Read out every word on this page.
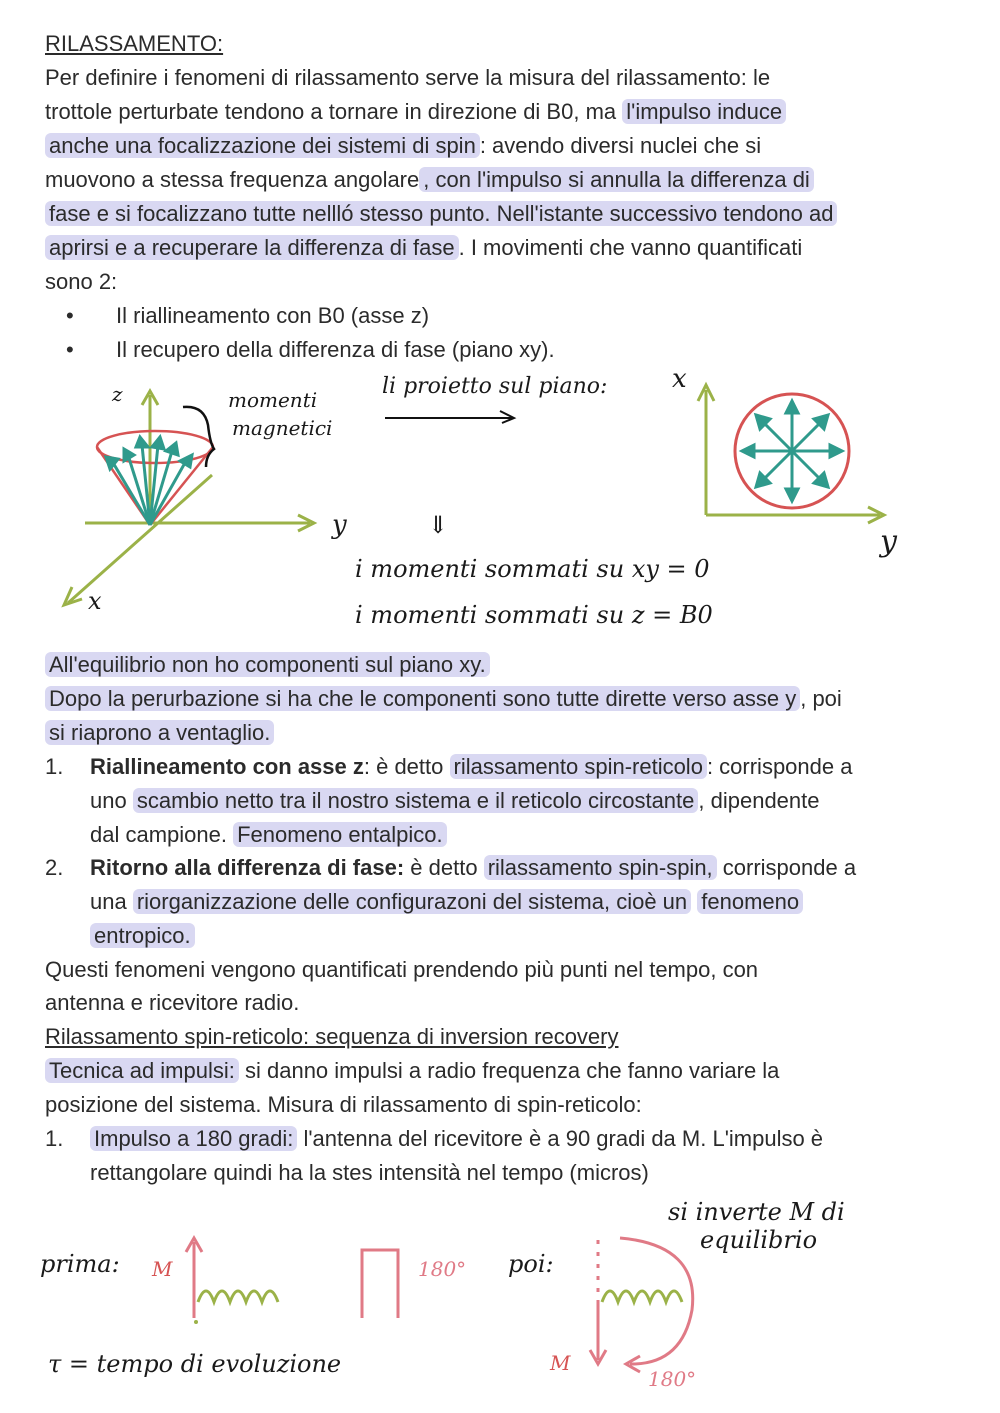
RILASSAMENTO:
Per definire i fenomeni di rilassamento serve la misura del rilassamento: le
trottole perturbate tendono a tornare in direzione di B0, ma l'impulso induce
anche una focalizzazione dei sistemi di spin : avendo diversi nuclei che si
muovono a stessa frequenza angolare , con l'impulso si annulla la differenza di
fase e si focalizzano tutte nellló stesso punto. Nell'istante successivo tendono ad
aprirsi e a recuperare la differenza di fase . I movimenti che vanno quantificati
sono 2:
• Il riallineamento con B0 (asse z)
• Il recupero della differenza di fase (piano xy).
z
y
x
momenti
magnetici
li proietto sul piano: x
y
⇓
i momenti sommati su xy = 0
i momenti sommati su z = B0
All'equilibrio non ho componenti sul piano xy.
Dopo la perurbazione si ha che le componenti sono tutte dirette verso asse y , poi
si riaprono a ventaglio.
1. Riallineamento con asse z: è detto rilassamento spin-reticolo : corrisponde a
uno scambio netto tra il nostro sistema e il reticolo circostante , dipendente
dal campione. Fenomeno entalpico.
2. Ritorno alla differenza di fase: è detto rilassamento spin-spin, corrisponde a
una riorganizzazione delle configurazoni del sistema, cioè un fenomeno
entropico.
Questi fenomeni vengono quantificati prendendo più punti nel tempo, con
antenna e ricevitore radio.
Rilassamento spin-reticolo: sequenza di inversion recovery
Tecnica ad impulsi: si danno impulsi a radio frequenza che fanno variare la
posizione del sistema. Misura di rilassamento di spin-reticolo:
1. Impulso a 180 gradi: l'antenna del ricevitore è a 90 gradi da M. L'impulso è
rettangolare quindi ha la stes intensità nel tempo (micros)
si inverte M di
equilibrio
prima: M	180° poi:
M
180°
τ = tempo di evoluzione
